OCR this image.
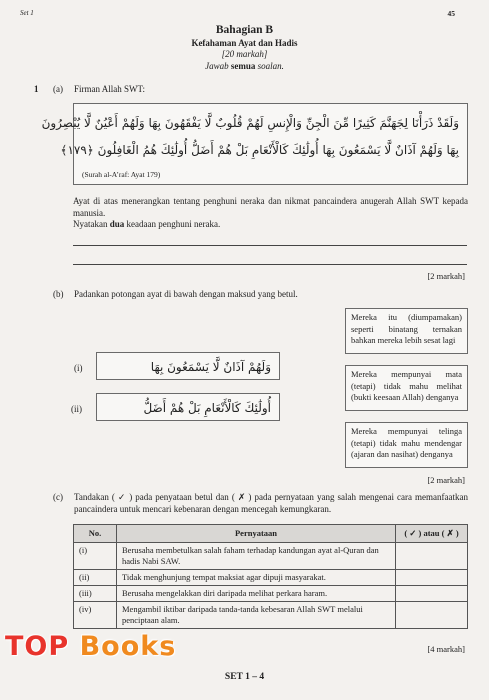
Set 1	45
Bahagian B
Kefahaman Ayat dan Hadis
[20 markah]
Jawab semua soalan.
1 (a) Firman Allah SWT:
وَلَقَدْ ذَرَأْنَا لِجَهَنَّمَ كَثِيرًا مِّنَ الْجِنِّ وَالْإِنسِ لَهُمْ قُلُوبٌ لَّا يَفْقَهُونَ بِهَا وَلَهُمْ أَعْيُنٌ لَّا يُبْصِرُونَ
بِهَا وَلَهُمْ آذَانٌ لَّا يَسْمَعُونَ بِهَا أُولَٰئِكَ كَالْأَنْعَامِ بَلْ هُمْ أَضَلُّ أُولَٰئِكَ هُمُ الْغَافِلُونَ ﴿١٧٩﴾
(Surah al-A’raf: Ayat 179)
Ayat di atas menerangkan tentang penghuni neraka dan nikmat pancaindera anugerah Allah SWT kepada manusia.
Nyatakan dua keadaan penghuni neraka.
[2 markah]
(b) Padankan potongan ayat di bawah dengan maksud yang betul.
(i)	وَلَهُمْ آذَانٌ لَّا يَسْمَعُونَ بِهَا
(ii)	أُولَٰئِكَ كَالْأَنْعَامِ بَلْ هُمْ أَضَلُّ
Mereka itu (diumpamakan) seperti binatang ternakan bahkan mereka lebih sesat lagi
Mereka mempunyai mata (tetapi) tidak mahu melihat (bukti keesaan Allah) denganya
Mereka mempunyai telinga (tetapi) tidak mahu mendengar (ajaran dan nasihat) denganya
[2 markah]
(c) Tandakan ( ✓ ) pada penyataan betul dan ( ✗ ) pada pernyataan yang salah mengenai cara memanfaatkan pancaindera untuk mencari kebenaran dengan mencegah kemungkaran.
No.	Pernyataan	( ✓ ) atau ( ✗ )
(i)	Berusaha membetulkan salah faham terhadap kandungan ayat al-Quran dan hadis Nabi SAW.	
(ii)	Tidak menghunjung tempat maksiat agar dipuji masyarakat.	
(iii)	Berusaha mengelakkan diri daripada melihat perkara haram.	
(iv)	Mengambil iktibar daripada tanda-tanda kebesaran Allah SWT melalui penciptaan alam.	
[4 markah]
SET 1 – 4
TOP Books
